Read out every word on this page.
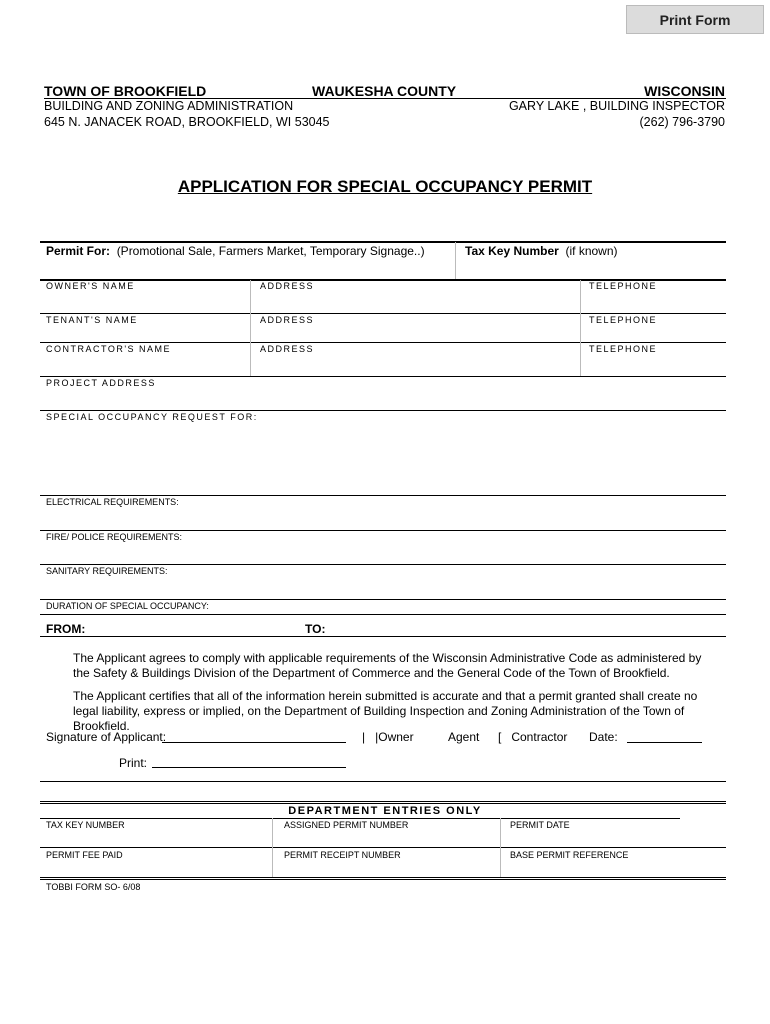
Print Form
TOWN OF BROOKFIELD	WAUKESHA COUNTY	WISCONSIN
BUILDING AND ZONING ADMINISTRATION
645 N. JANACEK ROAD, BROOKFIELD, WI 53045
GARY LAKE , BUILDING INSPECTOR
(262) 796-3790
APPLICATION FOR SPECIAL OCCUPANCY PERMIT
Permit For: (Promotional Sale, Farmers Market, Temporary Signage..)	Tax Key Number (if known)
OWNER'S NAME	ADDRESS	TELEPHONE
TENANT'S NAME	ADDRESS	TELEPHONE
CONTRACTOR'S NAME	ADDRESS	TELEPHONE
PROJECT ADDRESS
SPECIAL OCCUPANCY REQUEST FOR:
ELECTRICAL REQUIREMENTS:
FIRE/ POLICE REQUIREMENTS:
SANITARY REQUIREMENTS:
DURATION OF SPECIAL OCCUPANCY:
FROM:	TO:
The Applicant agrees to comply with applicable requirements of the Wisconsin Administrative Code as administered by the Safety & Buildings Division of the Department of Commerce and the General Code of the Town of Brookfield.
The Applicant certifies that all of the information herein submitted is accurate and that a permit granted shall create no legal liability, express or implied, on the Department of Building Inspection and Zoning Administration of the Town of Brookfield.
Signature of Applicant:	|   |Owner	Agent [   Contractor Date:
Print:
DEPARTMENT ENTRIES ONLY
TAX KEY NUMBER	ASSIGNED PERMIT NUMBER	PERMIT DATE
PERMIT FEE PAID	PERMIT RECEIPT NUMBER	BASE PERMIT REFERENCE
TOBBI FORM SO- 6/08
